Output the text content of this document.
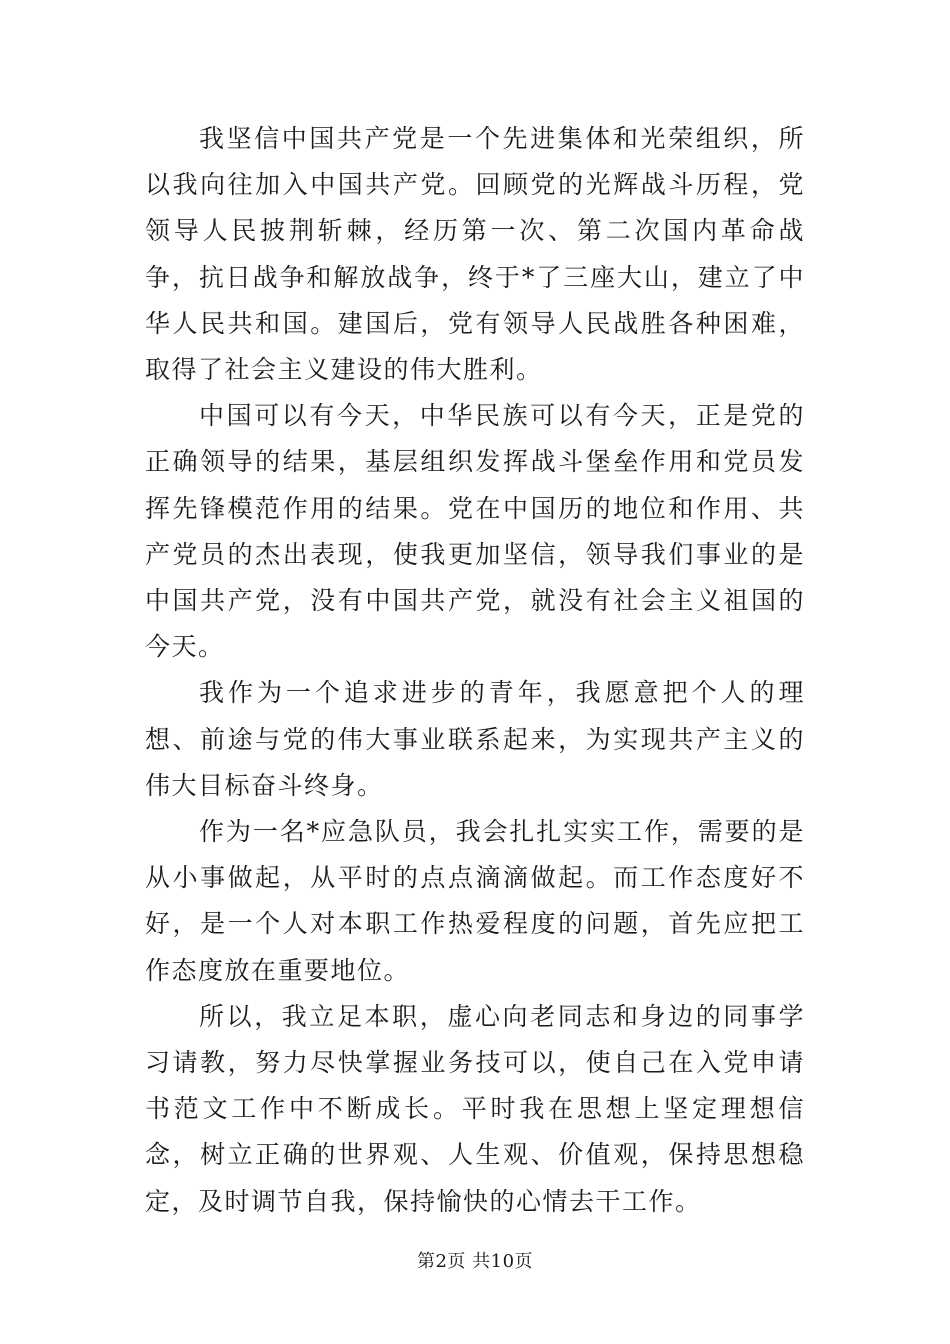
我坚信中国共产党是一个先进集体和光荣组织，所以我向往加入中国共产党。回顾党的光辉战斗历程，党领导人民披荆斩棘，经历第一次、第二次国内革命战争，抗日战争和解放战争，终于*了三座大山，建立了中华人民共和国。建国后，党有领导人民战胜各种困难，取得了社会主义建设的伟大胜利。

中国可以有今天，中华民族可以有今天，正是党的正确领导的结果，基层组织发挥战斗堡垒作用和党员发挥先锋模范作用的结果。党在中国历的地位和作用、共产党员的杰出表现，使我更加坚信，领导我们事业的是中国共产党，没有中国共产党，就没有社会主义祖国的今天。

我作为一个追求进步的青年，我愿意把个人的理想、前途与党的伟大事业联系起来，为实现共产主义的伟大目标奋斗终身。

作为一名*应急队员，我会扎扎实实工作，需要的是从小事做起，从平时的点点滴滴做起。而工作态度好不好，是一个人对本职工作热爱程度的问题，首先应把工作态度放在重要地位。

所以，我立足本职，虚心向老同志和身边的同事学习请教，努力尽快掌握业务技可以，使自己在入党申请书范文工作中不断成长。平时我在思想上坚定理想信念，树立正确的世界观、人生观、价值观，保持思想稳定，及时调节自我，保持愉快的心情去干工作。

第2页 共10页
